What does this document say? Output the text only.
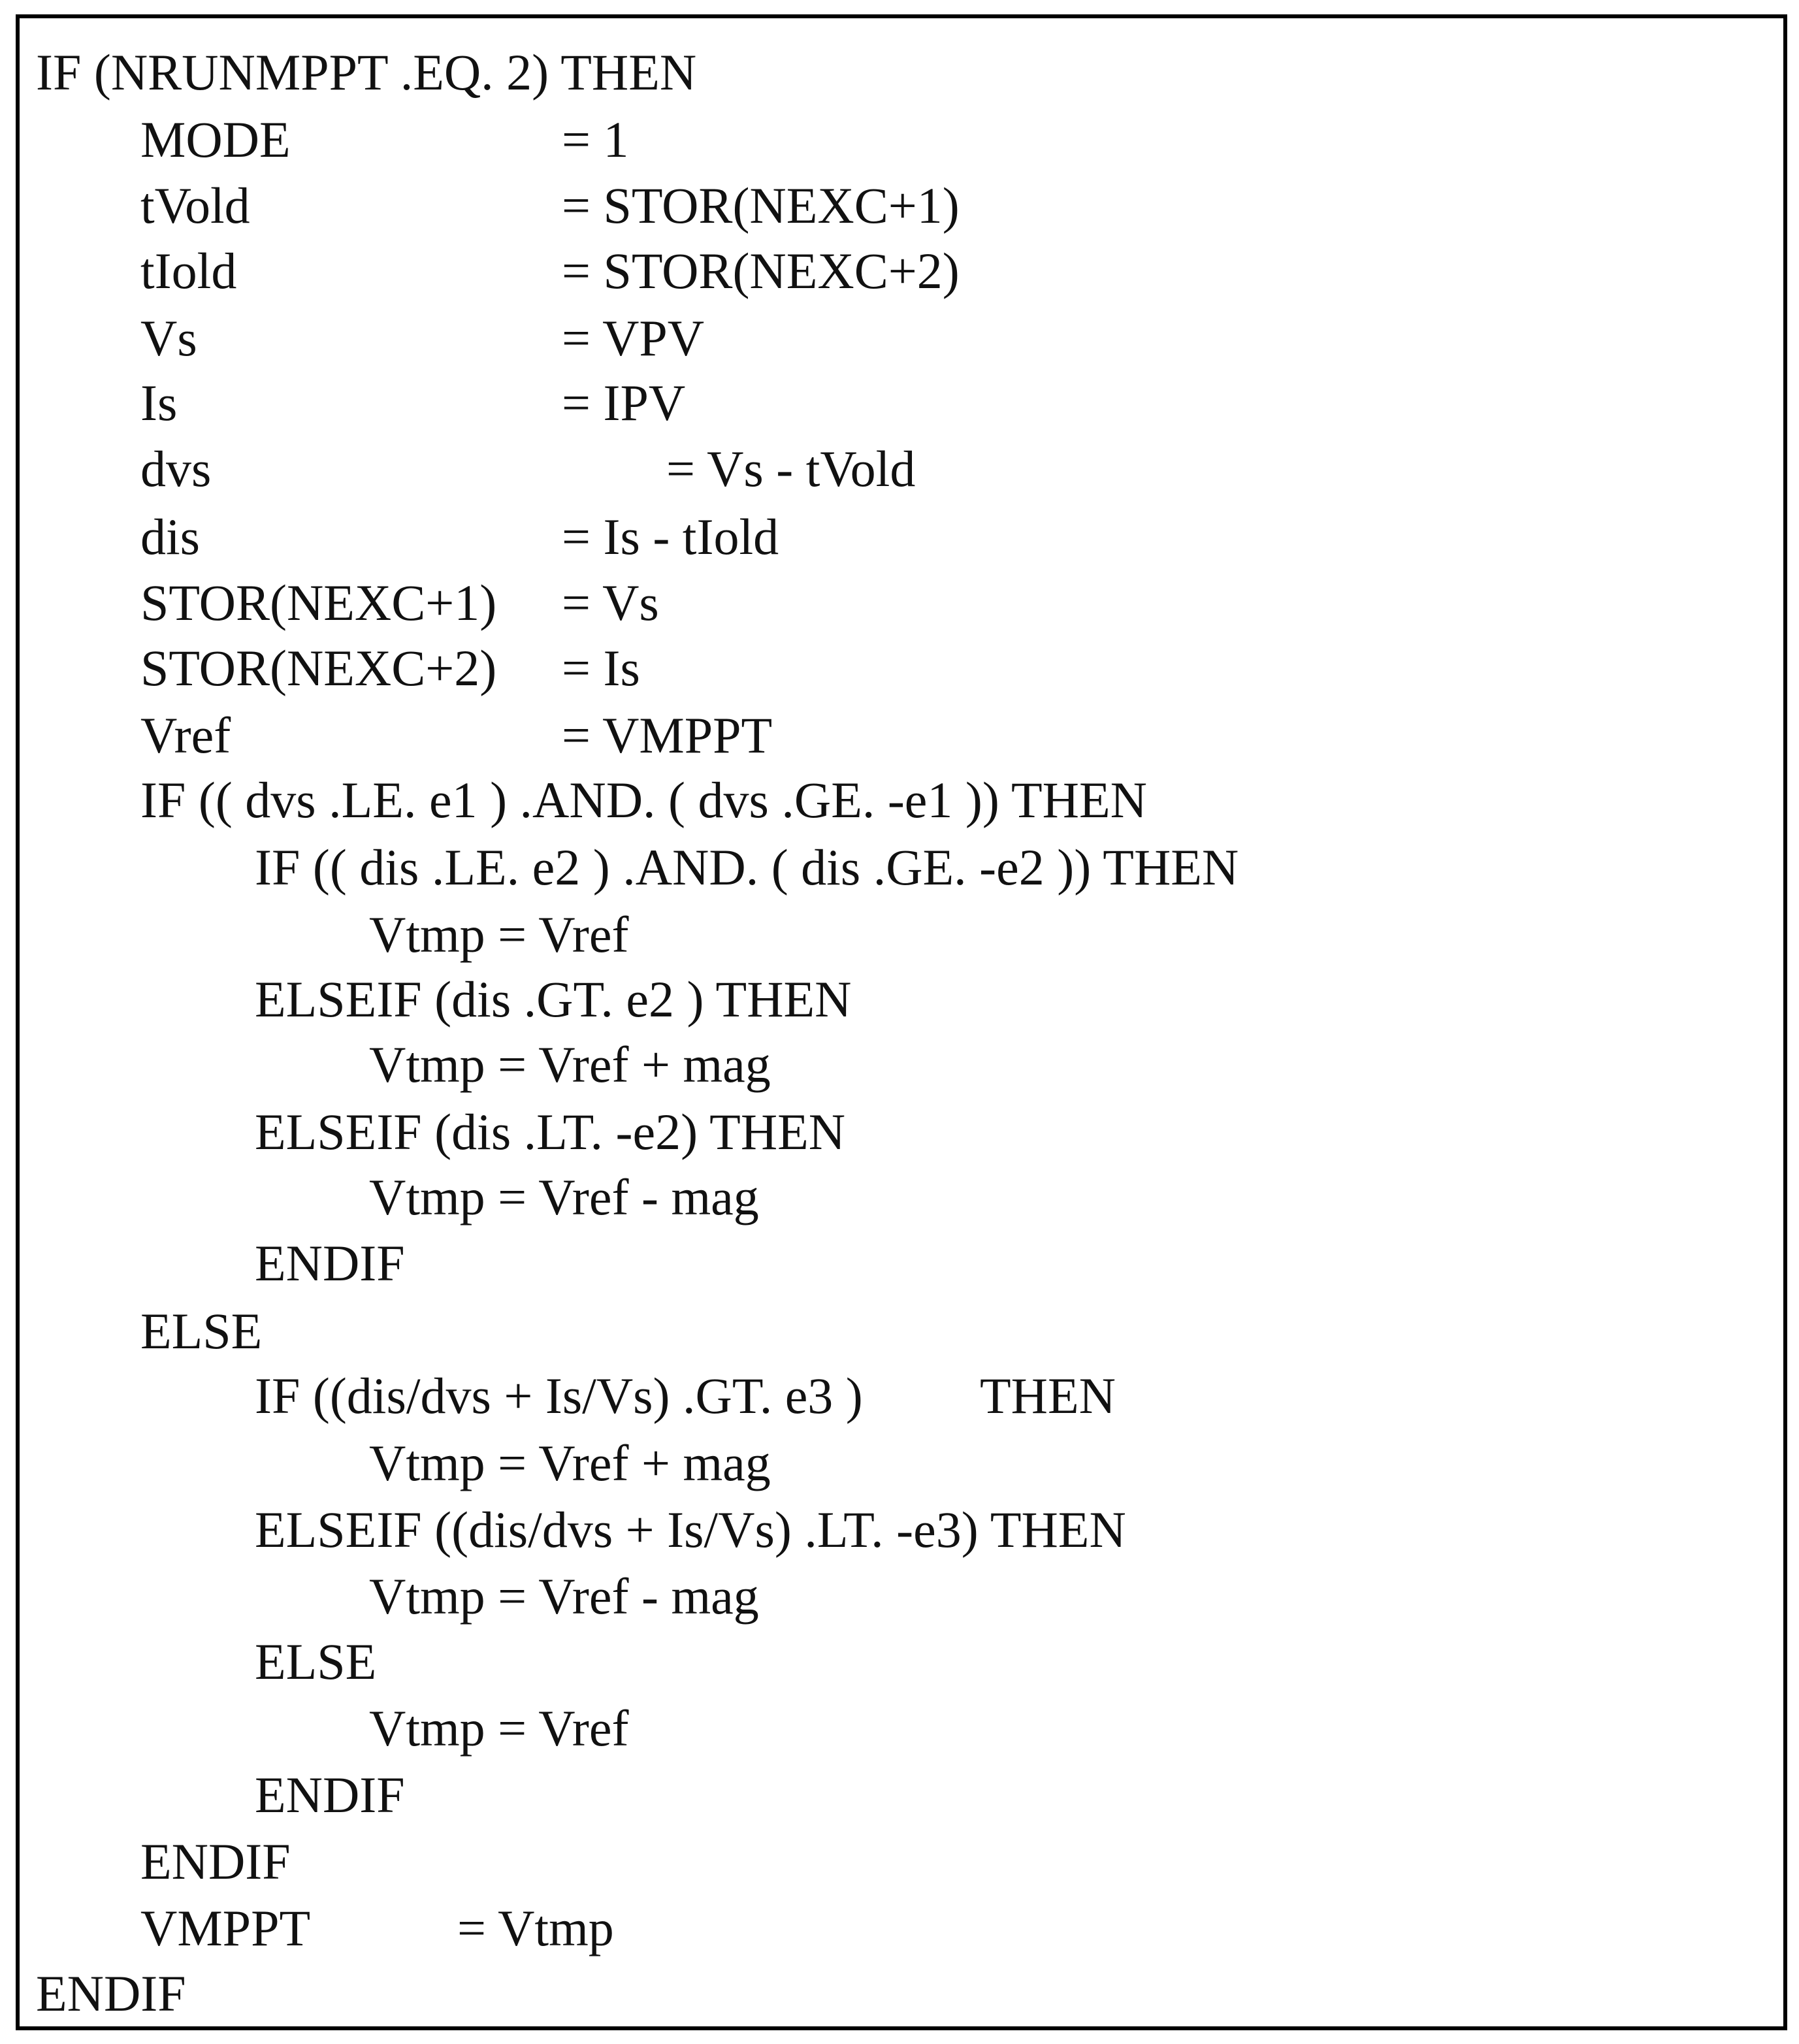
IF (NRUNMPPT .EQ. 2) THEN
MODE	= 1
tVold	= STOR(NEXC+1)
tIold	= STOR(NEXC+2)
Vs	= VPV
Is	= IPV
dvs	= Vs - tVold
dis	= Is - tIold
STOR(NEXC+1) = Vs
STOR(NEXC+2) = Is
Vref	= VMPPT
IF (( dvs .LE. e1 ) .AND. ( dvs .GE. -e1 )) THEN
IF (( dis .LE. e2 ) .AND. ( dis .GE. -e2 )) THEN
Vtmp = Vref
ELSEIF (dis .GT. e2 ) THEN
Vtmp = Vref + mag
ELSEIF (dis .LT. -e2) THEN
Vtmp = Vref - mag
ENDIF
ELSE
IF ((dis/dvs + Is/Vs) .GT. e3 ) THEN
Vtmp = Vref + mag
ELSEIF ((dis/dvs + Is/Vs) .LT. -e3) THEN
Vtmp = Vref - mag
ELSE
Vtmp = Vref
ENDIF
ENDIF
VMPPT	= Vtmp
ENDIF
